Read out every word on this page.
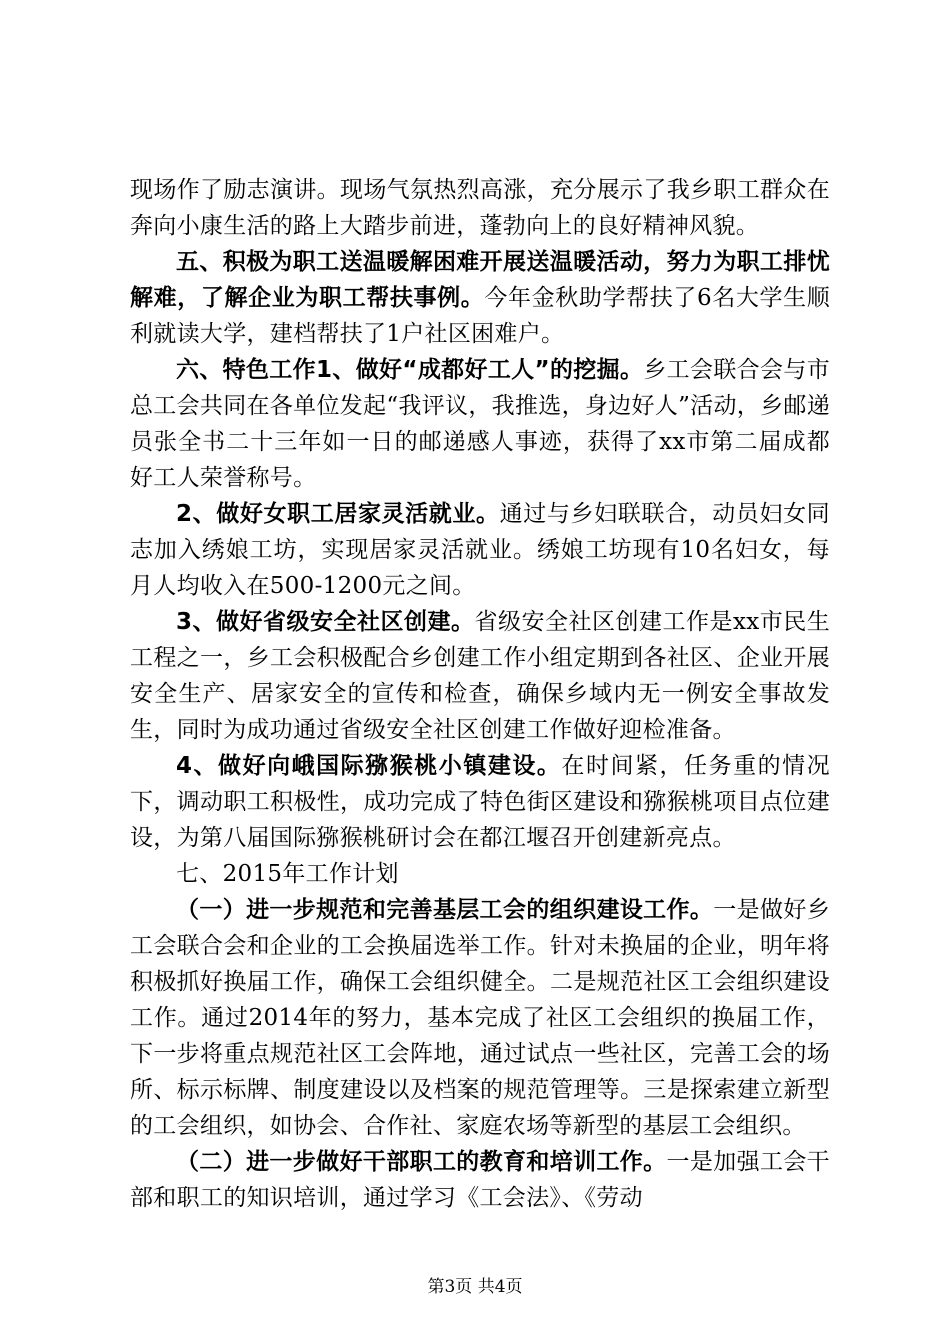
现场作了励志演讲。现场气氛热烈高涨，充分展示了我乡职工群众在奔向小康生活的路上大踏步前进，蓬勃向上的良好精神风貌。

五、积极为职工送温暖解困难开展送温暖活动，努力为职工排忧解难，了解企业为职工帮扶事例。今年金秋助学帮扶了6名大学生顺利就读大学，建档帮扶了1户社区困难户。

六、特色工作1、做好“成都好工人”的挖掘。乡工会联合会与市总工会共同在各单位发起“我评议，我推选，身边好人”活动，乡邮递员张全书二十三年如一日的邮递感人事迹，获得了xx市第二届成都好工人荣誉称号。

2、做好女职工居家灵活就业。通过与乡妇联联合，动员妇女同志加入绣娘工坊，实现居家灵活就业。绣娘工坊现有10名妇女，每月人均收入在500-1200元之间。

3、做好省级安全社区创建。省级安全社区创建工作是xx市民生工程之一，乡工会积极配合乡创建工作小组定期到各社区、企业开展安全生产、居家安全的宣传和检查，确保乡域内无一例安全事故发生，同时为成功通过省级安全社区创建工作做好迎检准备。

4、做好向峨国际猕猴桃小镇建设。在时间紧，任务重的情况下，调动职工积极性，成功完成了特色街区建设和猕猴桃项目点位建设，为第八届国际猕猴桃研讨会在都江堰召开创建新亮点。

七、2015年工作计划

（一）进一步规范和完善基层工会的组织建设工作。一是做好乡工会联合会和企业的工会换届选举工作。针对未换届的企业，明年将积极抓好换届工作，确保工会组织健全。二是规范社区工会组织建设工作。通过2014年的努力，基本完成了社区工会组织的换届工作，下一步将重点规范社区工会阵地，通过试点一些社区，完善工会的场所、标示标牌、制度建设以及档案的规范管理等。三是探索建立新型的工会组织，如协会、合作社、家庭农场等新型的基层工会组织。

（二）进一步做好干部职工的教育和培训工作。一是加强工会干部和职工的知识培训，通过学习《工会法》、《劳动

第3页 共4页
